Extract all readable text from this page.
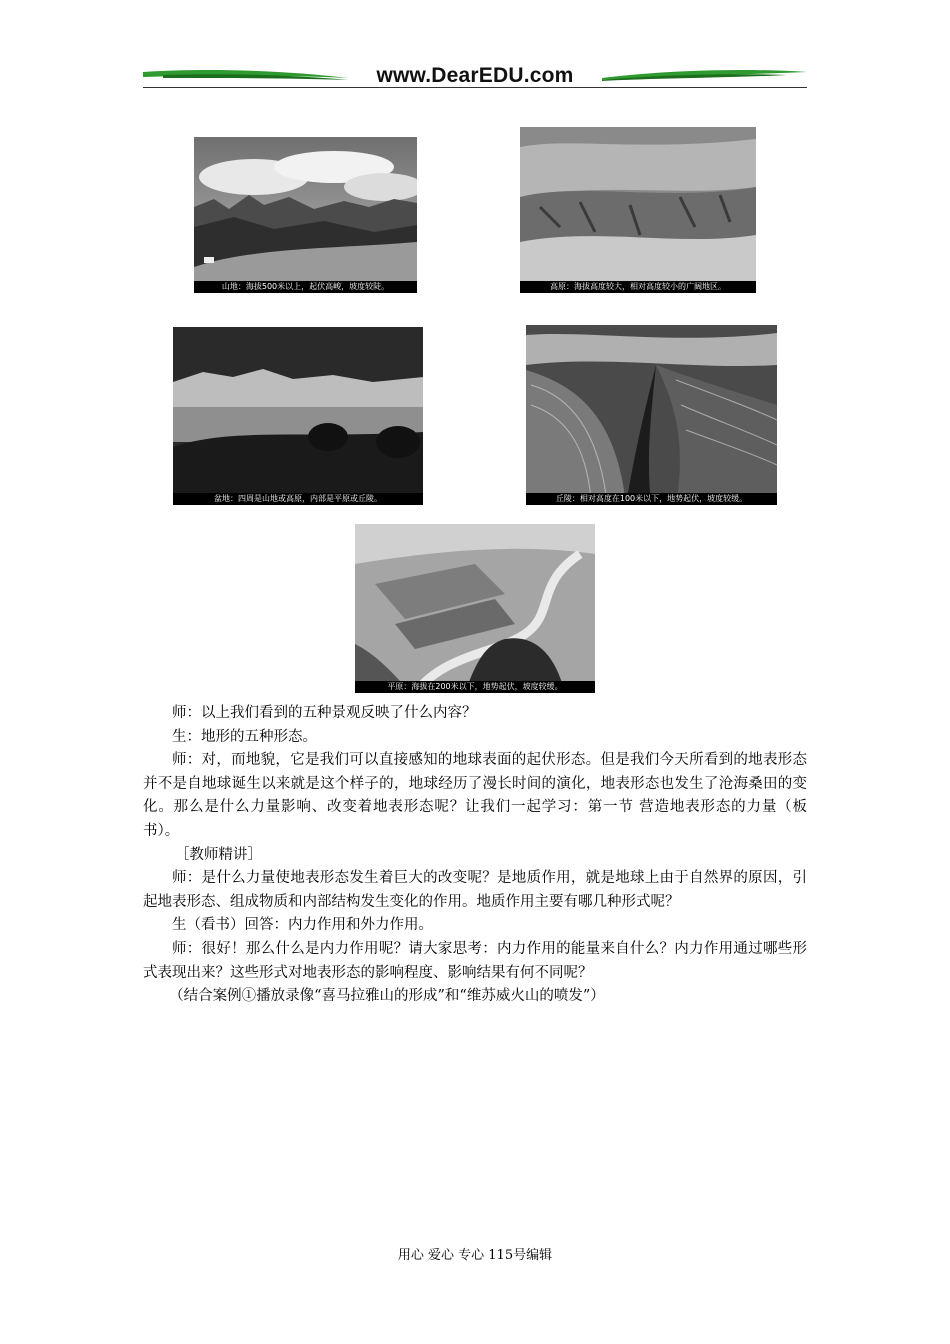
www.DearEDU.com
山地：海拔500米以上，起伏高峻，坡度较陡。	高原：海拔高度较大，相对高度较小的广阔地区。
盆地：四周是山地或高原，内部是平原或丘陵。	丘陵：相对高度在100米以下，地势起伏，坡度较缓。
平原：海拔在200米以下，地势起伏，坡度较缓。

师：以上我们看到的五种景观反映了什么内容？

生：地形的五种形态。

师：对，而地貌，它是我们可以直接感知的地球表面的起伏形态。但是我们今天所看到的地表形态并不是自地球诞生以来就是这个样子的，地球经历了漫长时间的演化，地表形态也发生了沧海桑田的变化。那么是什么力量影响、改变着地表形态呢？让我们一起学习：第一节 营造地表形态的力量（板书）。

［教师精讲］

师：是什么力量使地表形态发生着巨大的改变呢？是地质作用，就是地球上由于自然界的原因，引起地表形态、组成物质和内部结构发生变化的作用。地质作用主要有哪几种形式呢？

生（看书）回答：内力作用和外力作用。

师：很好！那么什么是内力作用呢？请大家思考：内力作用的能量来自什么？内力作用通过哪些形式表现出来？这些形式对地表形态的影响程度、影响结果有何不同呢？

（结合案例①播放录像“喜马拉雅山的形成”和“维苏威火山的喷发”）

用心 爱心 专心 115号编辑
